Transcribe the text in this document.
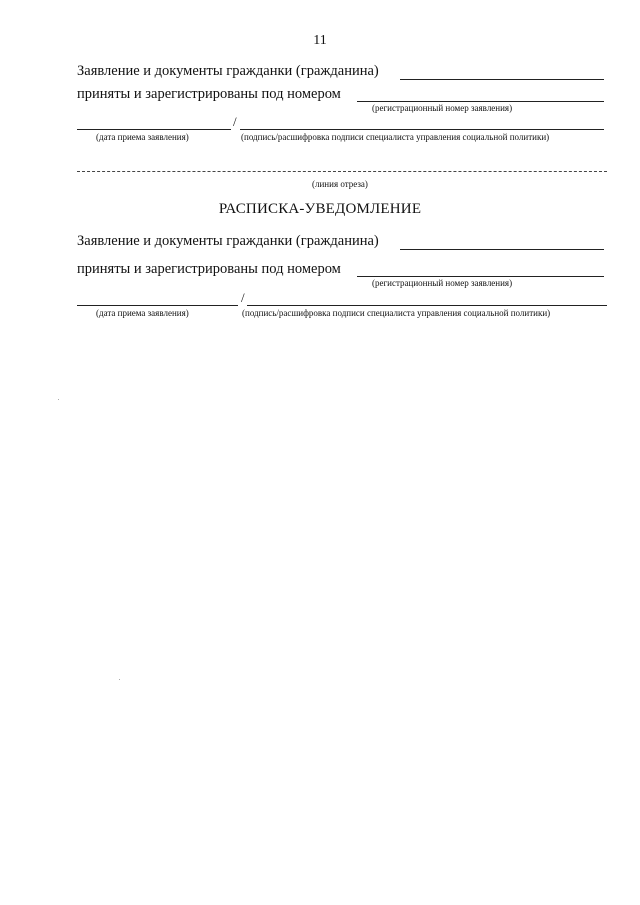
11
Заявление и документы гражданки (гражданина)
приняты и зарегистрированы под номером
(регистрационный номер заявления)
/
(дата приема заявления)	(подпись/расшифровка подписи специалиста управления социальной политики)
(линия отреза)
РАСПИСКА-УВЕДОМЛЕНИЕ
Заявление и документы гражданки (гражданина)
приняты и зарегистрированы под номером
(регистрационный номер заявления)
/
(дата приема заявления)	(подпись/расшифровка подписи специалиста управления социальной политики)
